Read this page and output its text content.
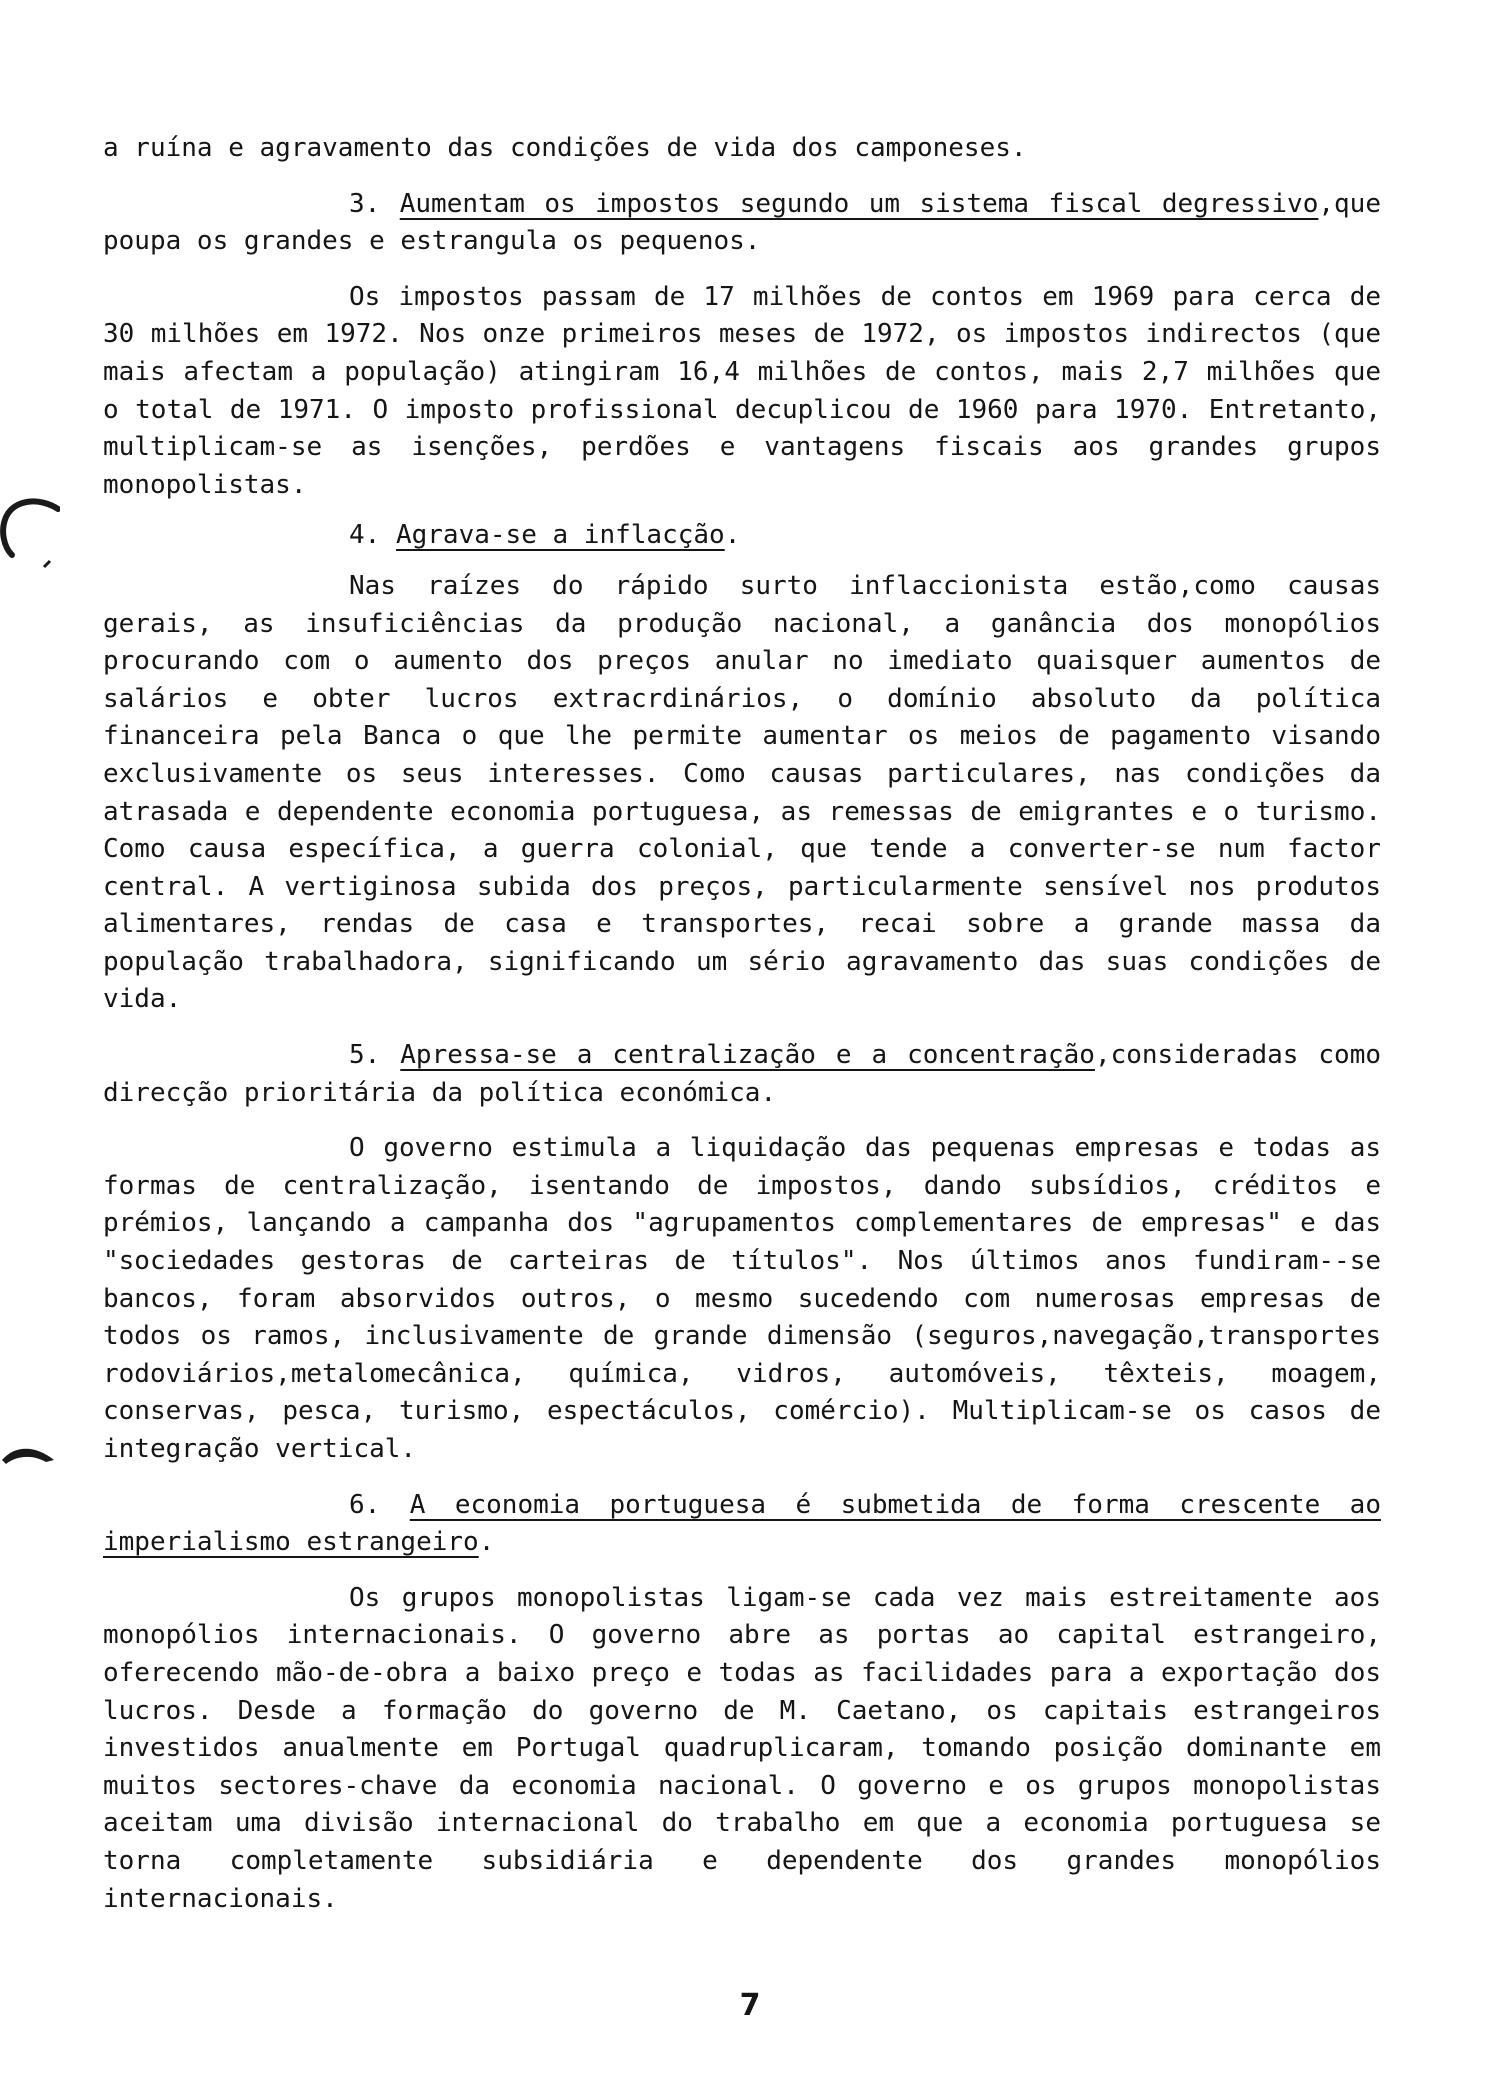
a ruína e agravamento das condições de vida dos camponeses.

3. Aumentam os impostos segundo um sistema fiscal degressivo,que poupa os grandes e estrangula os pequenos.

Os impostos passam de 17 milhões de contos em 1969 para cerca de 30 milhões em 1972. Nos onze primeiros meses de 1972, os impostos indirectos (que mais afectam a população) atingiram 16,4 milhões de contos, mais 2,7 milhões que o total de 1971. O imposto profissional decuplicou de 1960 para 1970. Entretanto, multiplicam-se as isenções, perdões e vantagens fiscais aos grandes grupos monopolistas.

4. Agrava-se a inflacção.

Nas raízes do rápido surto inflaccionista estão,como causas gerais, as insuficiências da produção nacional, a ganância dos monopólios procurando com o aumento dos preços anular no imediato quaisquer aumentos de salários e obter lucros extracrdinários, o domínio absoluto da política financeira pela Banca o que lhe permite aumentar os meios de pagamento visando exclusivamente os seus interesses. Como causas particulares, nas condições da atrasada e dependente economia portuguesa, as remessas de emigrantes e o turismo. Como causa específica, a guerra colonial, que tende a converter-se num factor central. A vertiginosa subida dos preços, particularmente sensível nos produtos alimentares, rendas de casa e transportes, recai sobre a grande massa da população trabalhadora, significando um sério agravamento das suas condições de vida.

5. Apressa-se a centralização e a concentração,consideradas como direcção prioritária da política económica.

O governo estimula a liquidação das pequenas empresas e todas as formas de centralização, isentando de impostos, dando subsídios, créditos e prémios, lançando a campanha dos "agrupamentos complementares de empresas" e das "sociedades gestoras de carteiras de títulos". Nos últimos anos fundiram--se bancos, foram absorvidos outros, o mesmo sucedendo com numerosas empresas de todos os ramos, inclusivamente de grande dimensão (seguros,navegação,transportes rodoviários,metalomecânica, química, vidros, automóveis, têxteis, moagem, conservas, pesca, turismo, espectáculos, comércio). Multiplicam-se os casos de integração vertical.

6. A economia portuguesa é submetida de forma crescente ao imperialismo estrangeiro.

Os grupos monopolistas ligam-se cada vez mais estreitamente aos monopólios internacionais. O governo abre as portas ao capital estrangeiro, oferecendo mão-de-obra a baixo preço e todas as facilidades para a exportação dos lucros. Desde a formação do governo de M. Caetano, os capitais estrangeiros investidos anualmente em Portugal quadruplicaram, tomando posição dominante em muitos sectores-chave da economia nacional. O governo e os grupos monopolistas aceitam uma divisão internacional do trabalho em que a economia portuguesa se torna completamente subsidiária e dependente dos grandes monopólios internacionais.

7
